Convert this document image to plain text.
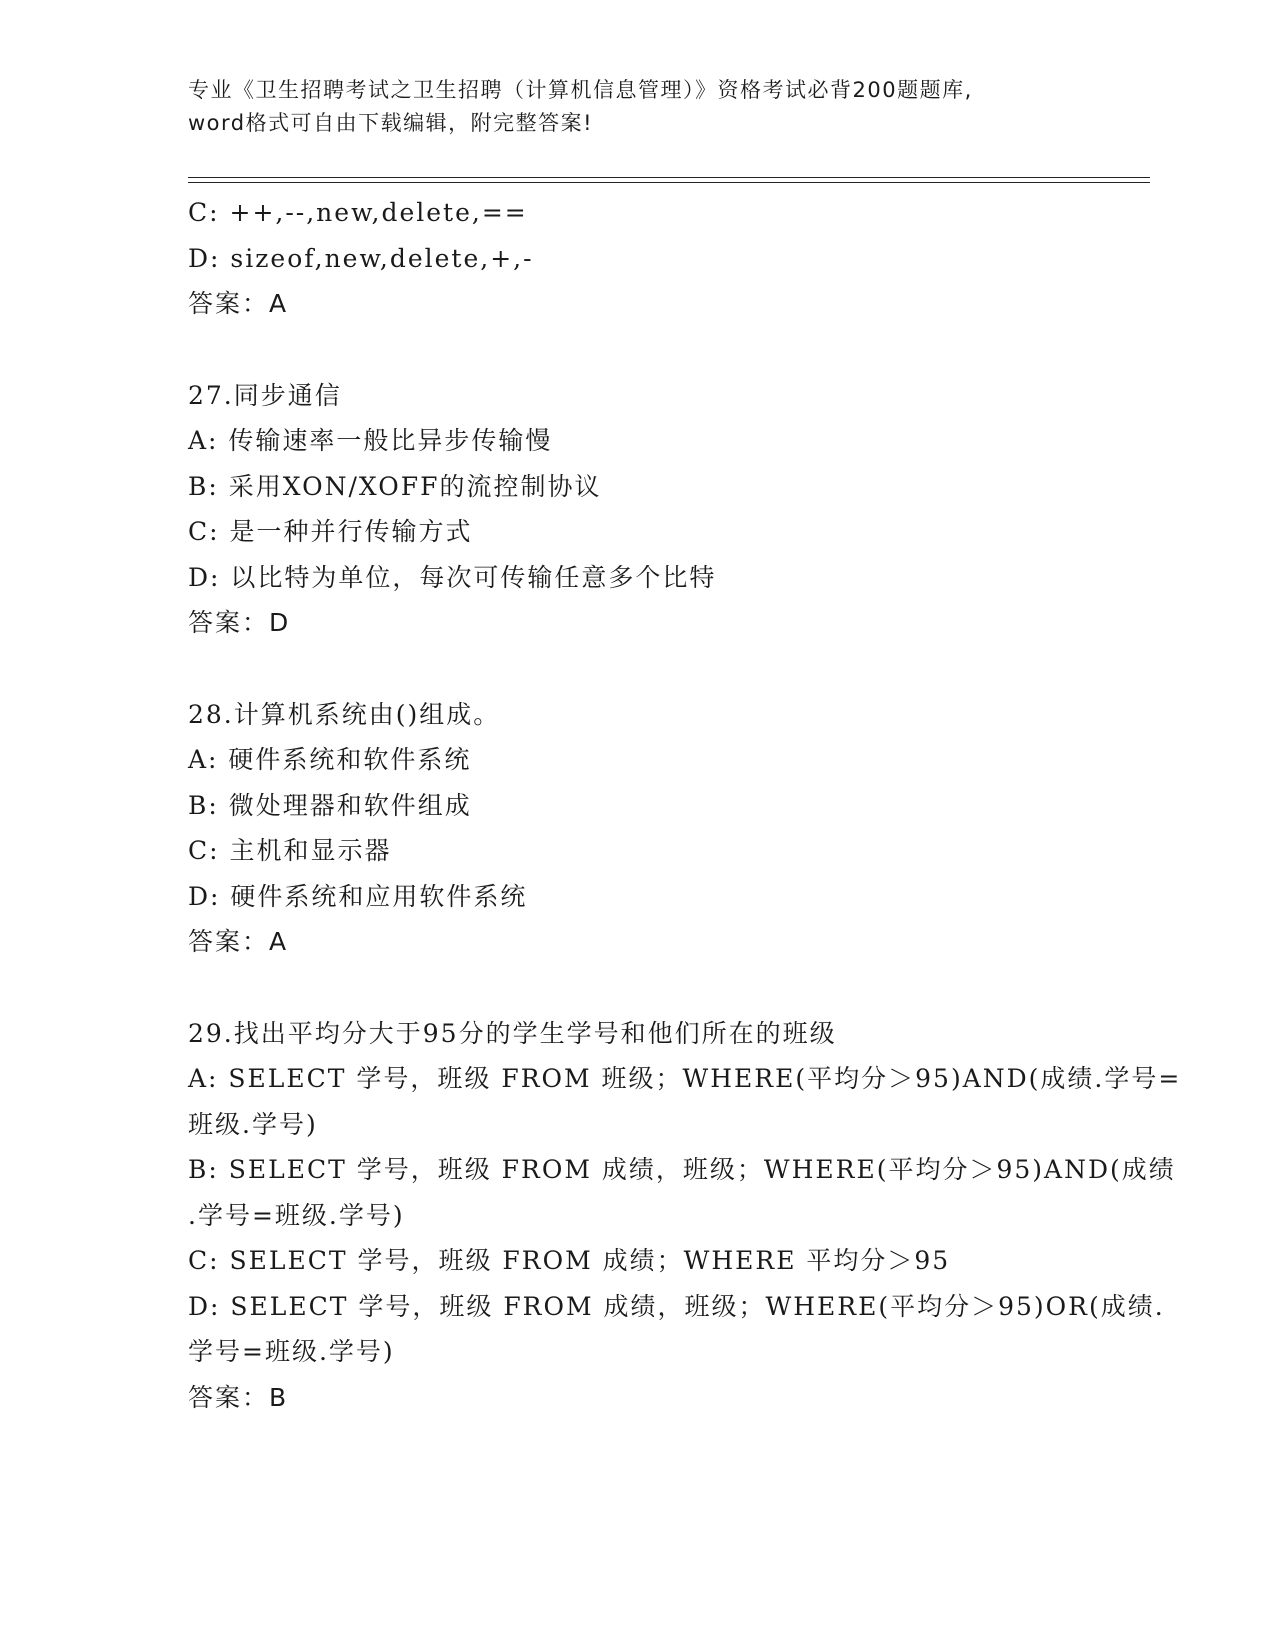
专业《卫生招聘考试之卫生招聘（计算机信息管理）》资格考试必背200题题库,
word格式可自由下载编辑，附完整答案!
C: ++,--,new,delete,==
D: sizeof,new,delete,+,-
答案：A
27.同步通信
A: 传输速率一般比异步传输慢
B: 采用XON/XOFF的流控制协议
C: 是一种并行传输方式
D: 以比特为单位，每次可传输任意多个比特
答案：D
28.计算机系统由()组成。
A: 硬件系统和软件系统
B: 微处理器和软件组成
C: 主机和显示器
D: 硬件系统和应用软件系统
答案：A
29.找出平均分大于95分的学生学号和他们所在的班级
A: SELECT 学号，班级 FROM 班级；WHERE(平均分＞95)AND(成绩.学号=
班级.学号)
B: SELECT 学号，班级 FROM 成绩，班级；WHERE(平均分＞95)AND(成绩
.学号=班级.学号)
C: SELECT 学号，班级 FROM 成绩；WHERE 平均分＞95
D: SELECT 学号，班级 FROM 成绩，班级；WHERE(平均分＞95)OR(成绩.
学号=班级.学号)
答案：B
